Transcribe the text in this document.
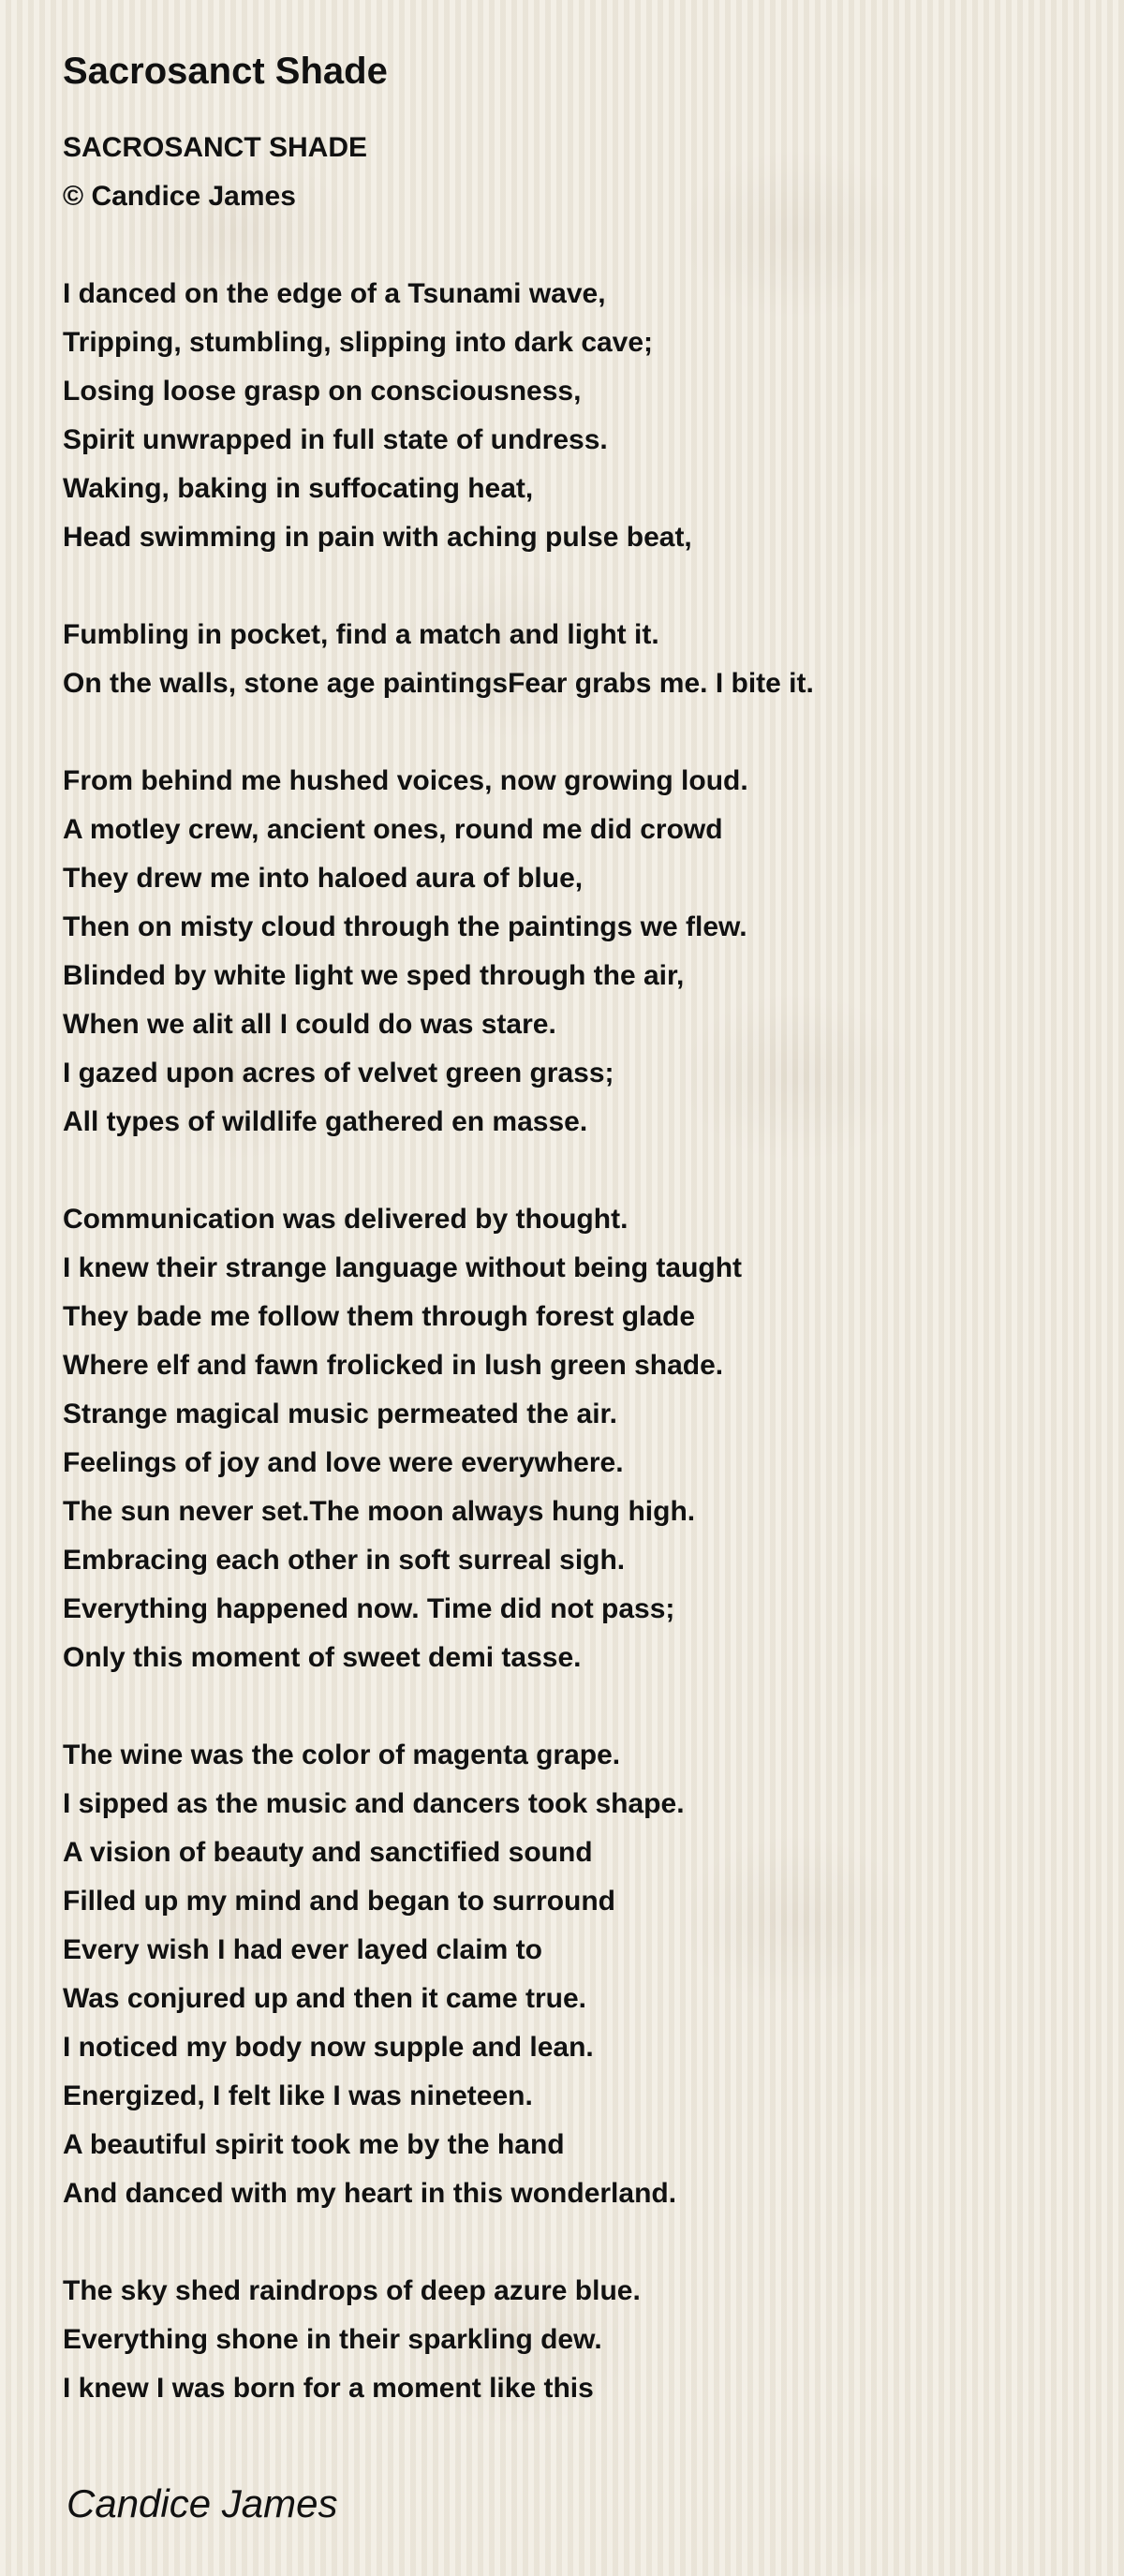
Sacrosanct Shade
SACROSANCT SHADE
© Candice James
I danced on the edge of a Tsunami wave,
Tripping, stumbling, slipping into dark cave;
Losing loose grasp on consciousness,
Spirit unwrapped in full state of undress.
Waking, baking in suffocating heat,
Head swimming in pain with aching pulse beat,
Fumbling in pocket, find a match and light it.
On the walls, stone age paintingsFear grabs me. I bite it.
From behind me hushed voices, now growing loud.
A motley crew, ancient ones, round me did crowd
They drew me into haloed aura of blue,
Then on misty cloud through the paintings we flew.
Blinded by white light we sped through the air,
When we alit all I could do was stare.
I gazed upon acres of velvet green grass;
All types of wildlife gathered en masse.
Communication was delivered by thought.
I knew their strange language without being taught
They bade me follow them through forest glade
Where elf and fawn frolicked in lush green shade.
Strange magical music permeated the air.
Feelings of joy and love were everywhere.
The sun never set.The moon always hung high.
Embracing each other in soft surreal sigh.
Everything happened now. Time did not pass;
Only this moment of sweet demi tasse.
The wine was the color of magenta grape.
I sipped as the music and dancers took shape.
A vision of beauty and sanctified sound
Filled up my mind and began to surround
Every wish I had ever layed claim to
Was conjured up and then it came true.
I noticed my body now supple and lean.
Energized, I felt like I was nineteen.
A beautiful spirit took me by the hand
And danced with my heart in this wonderland.
The sky shed raindrops of deep azure blue.
Everything shone in their sparkling dew.
I knew I was born for a moment like this
Candice James
